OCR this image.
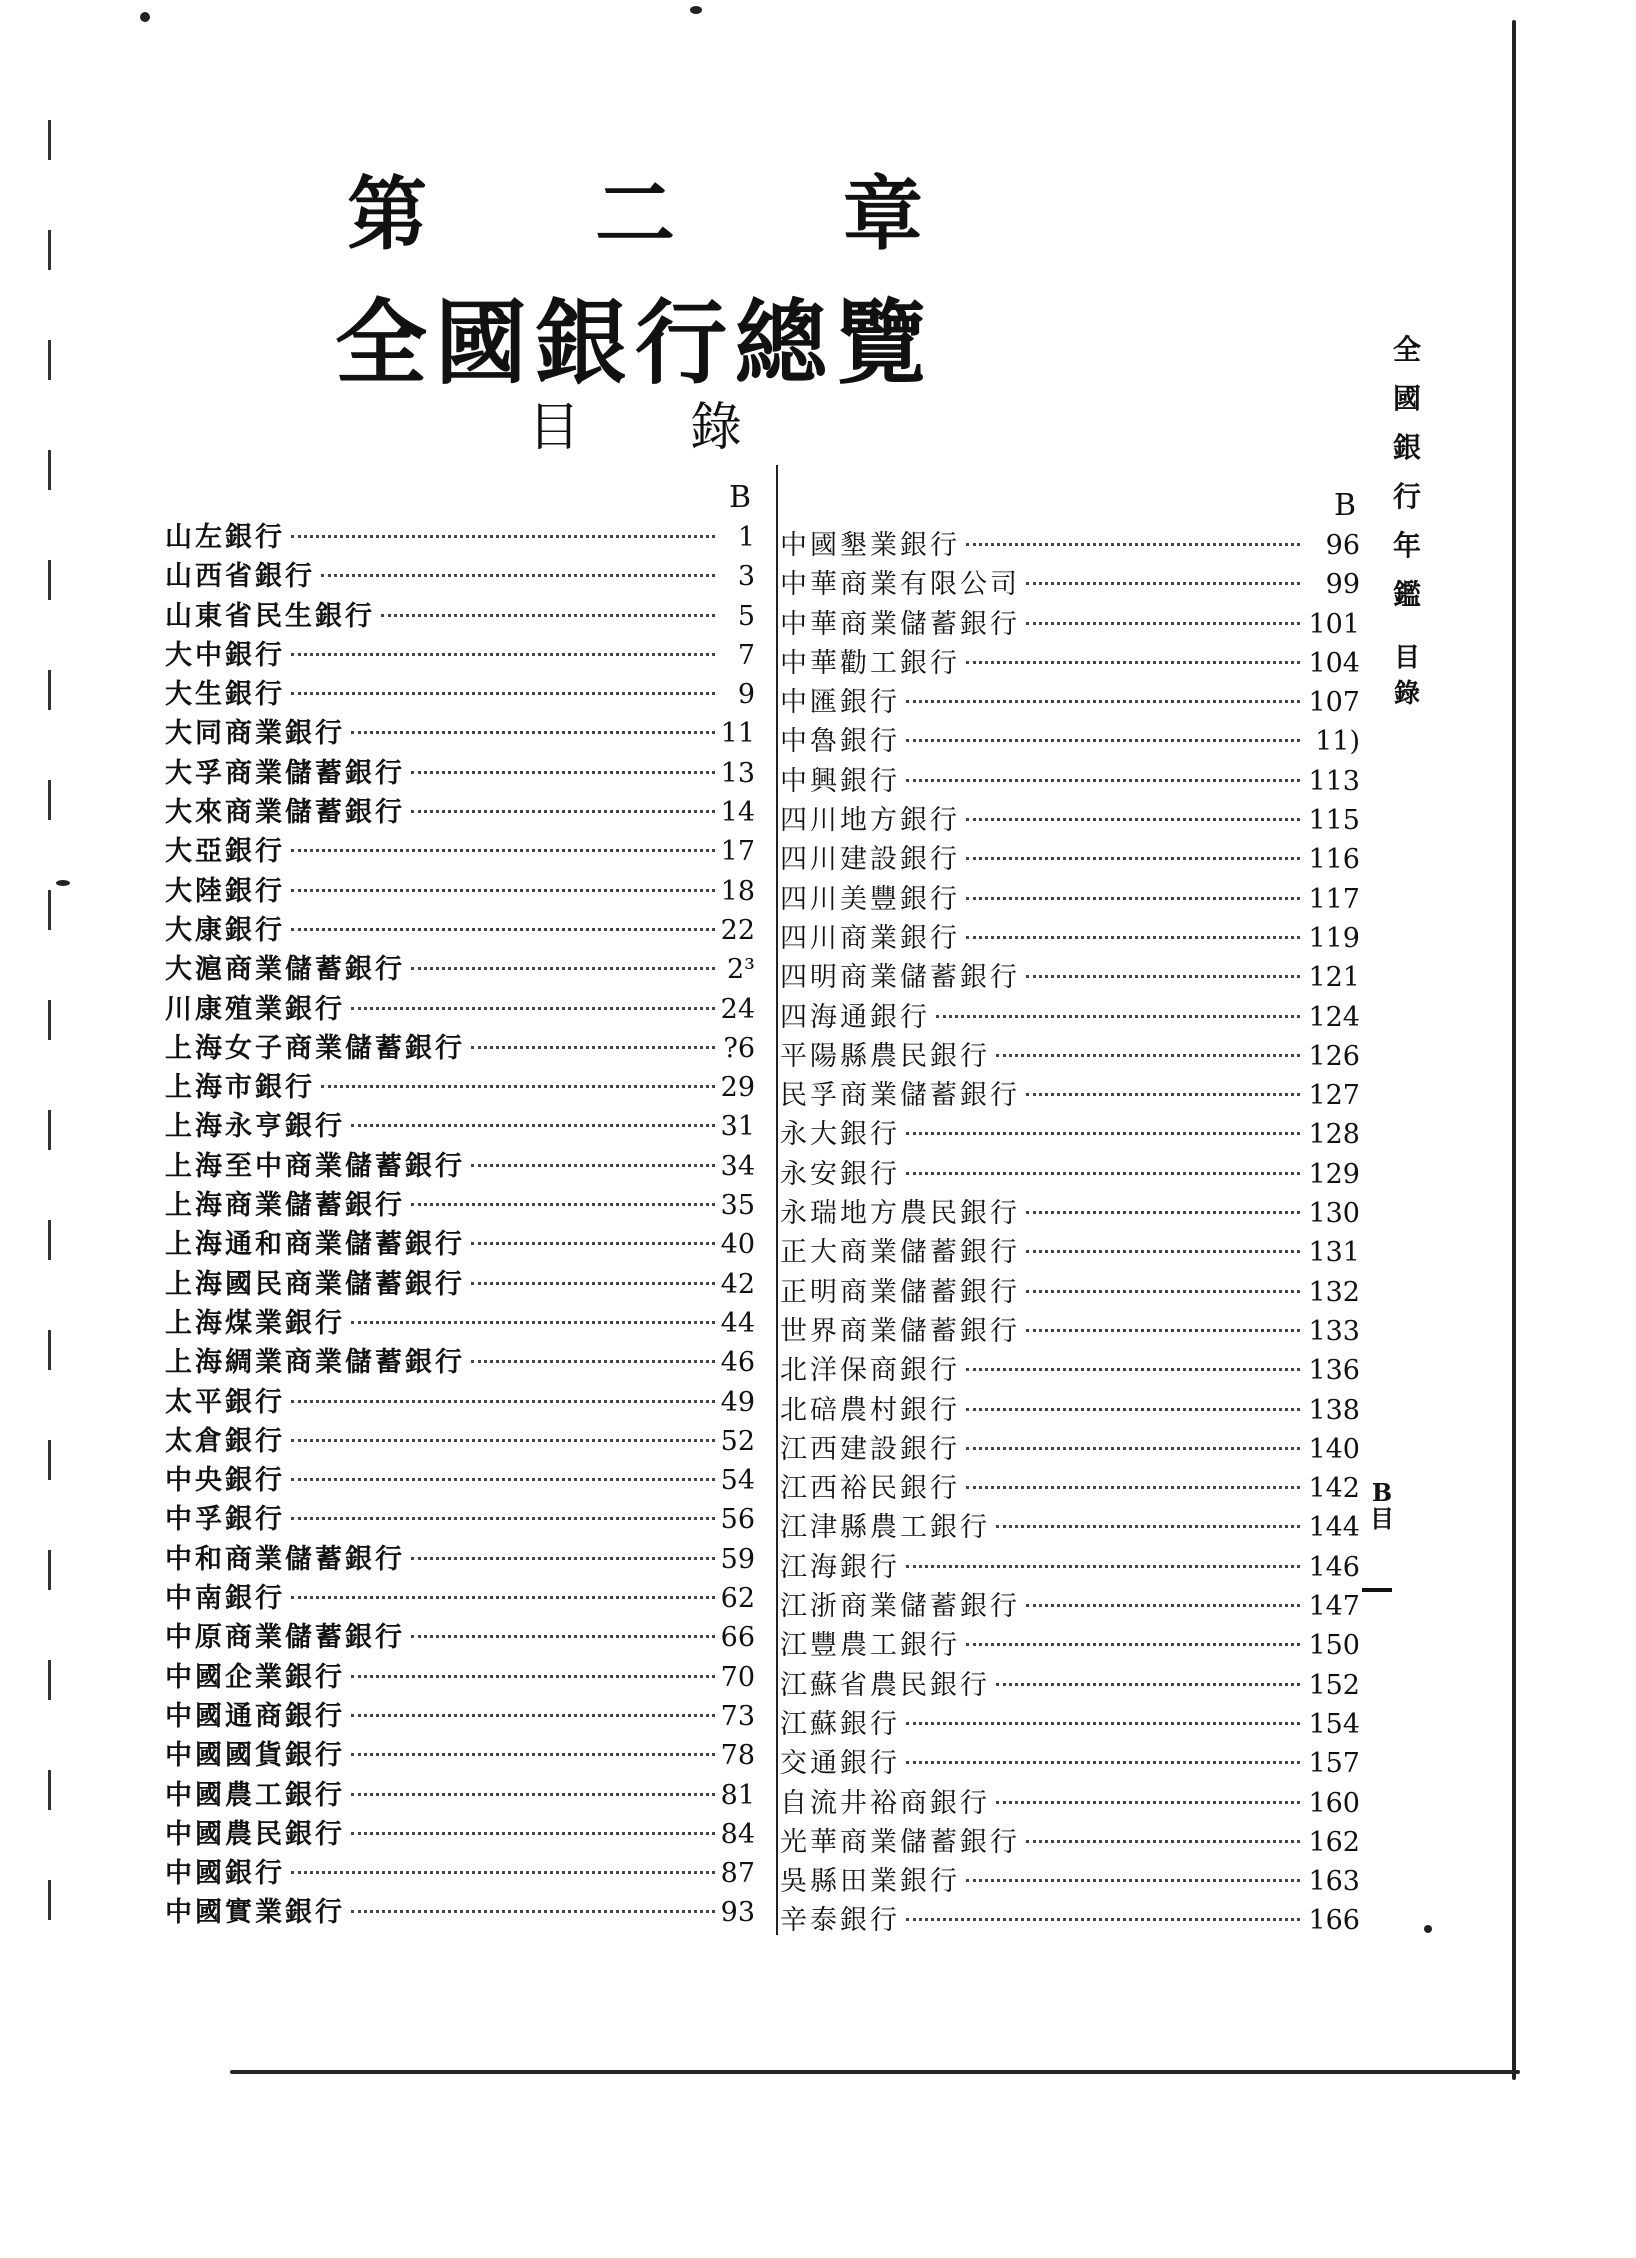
第 二 章
全國銀行總覽
目錄
B
山左銀行	1
山西省銀行	3
山東省民生銀行	5
大中銀行	7
大生銀行	9
大同商業銀行	11
大孚商業儲蓄銀行	13
大來商業儲蓄銀行	14
大亞銀行	17
大陸銀行	18
大康銀行	22
大滬商業儲蓄銀行	2³
川康殖業銀行	24
上海女子商業儲蓄銀行	?6
上海市銀行	29
上海永亨銀行	31
上海至中商業儲蓄銀行	34
上海商業儲蓄銀行	35
上海通和商業儲蓄銀行	40
上海國民商業儲蓄銀行	42
上海煤業銀行	44
上海綢業商業儲蓄銀行	46
太平銀行	49
太倉銀行	52
中央銀行	54
中孚銀行	56
中和商業儲蓄銀行	59
中南銀行	62
中原商業儲蓄銀行	66
中國企業銀行	70
中國通商銀行	73
中國國貨銀行	78
中國農工銀行	81
中國農民銀行	84
中國銀行	87
中國實業銀行	93
B
中國墾業銀行	96
中華商業有限公司	99
中華商業儲蓄銀行	101
中華勸工銀行	104
中匯銀行	107
中魯銀行	11)
中興銀行	113
四川地方銀行	115
四川建設銀行	116
四川美豐銀行	117
四川商業銀行	119
四明商業儲蓄銀行	121
四海通銀行	124
平陽縣農民銀行	126
民孚商業儲蓄銀行	127
永大銀行	128
永安銀行	129
永瑞地方農民銀行	130
正大商業儲蓄銀行	131
正明商業儲蓄銀行	132
世界商業儲蓄銀行	133
北洋保商銀行	136
北碚農村銀行	138
江西建設銀行	140
江西裕民銀行	142
江津縣農工銀行	144
江海銀行	146
江浙商業儲蓄銀行	147
江豐農工銀行	150
江蘇省農民銀行	152
江蘇銀行	154
交通銀行	157
自流井裕商銀行	160
光華商業儲蓄銀行	162
吳縣田業銀行	163
辛泰銀行	166
全
國
銀
行
年
鑑
目
錄
B
目
